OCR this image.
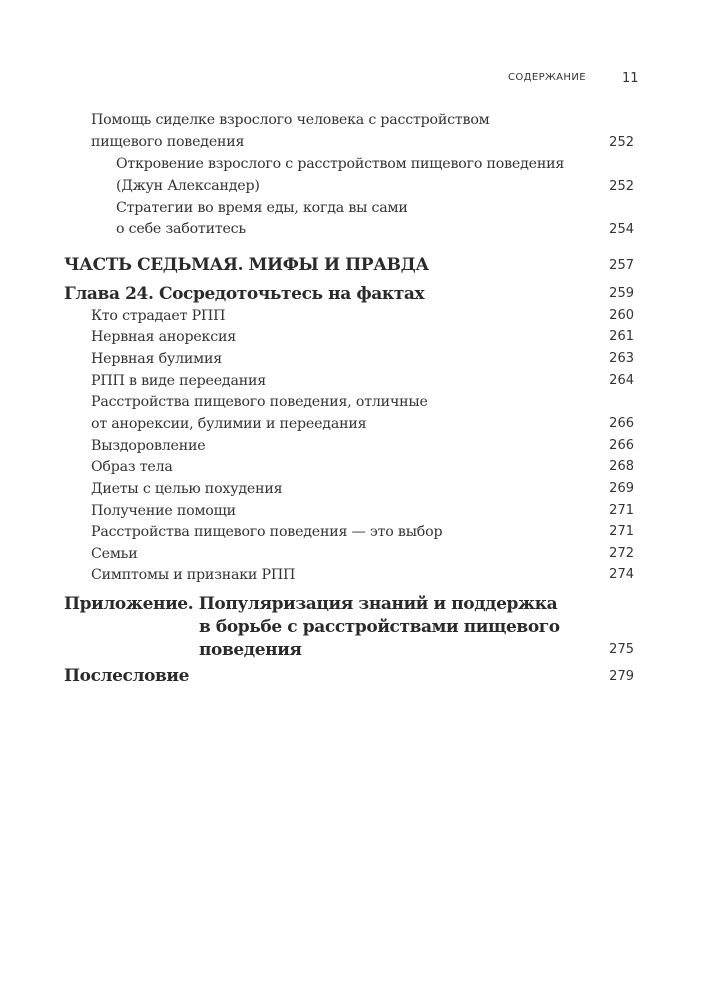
СОДЕРЖАНИЕ	11
Помощь сиделке взрослого человека с расстройством
пищевого поведения	252
Откровение взрослого с расстройством пищевого поведения
(Джун Александер)	252
Стратегии во время еды, когда вы сами
о себе заботитесь	254
ЧАСТЬ СЕДЬМАЯ. МИФЫ И ПРАВДА	257
Глава 24. Сосредоточьтесь на фактах	259
Кто страдает РПП	260
Нервная анорексия	261
Нервная булимия	263
РПП в виде переедания	264
Расстройства пищевого поведения, отличные
от анорексии, булимии и переедания	266
Выздоровление	266
Образ тела	268
Диеты с целью похудения	269
Получение помощи	271
Расстройства пищевого поведения — это выбор	271
Семьи	272
Симптомы и признаки РПП	274
Приложение. Популяризация знаний и поддержка
в борьбе с расстройствами пищевого
поведения	275
Послесловие	279
